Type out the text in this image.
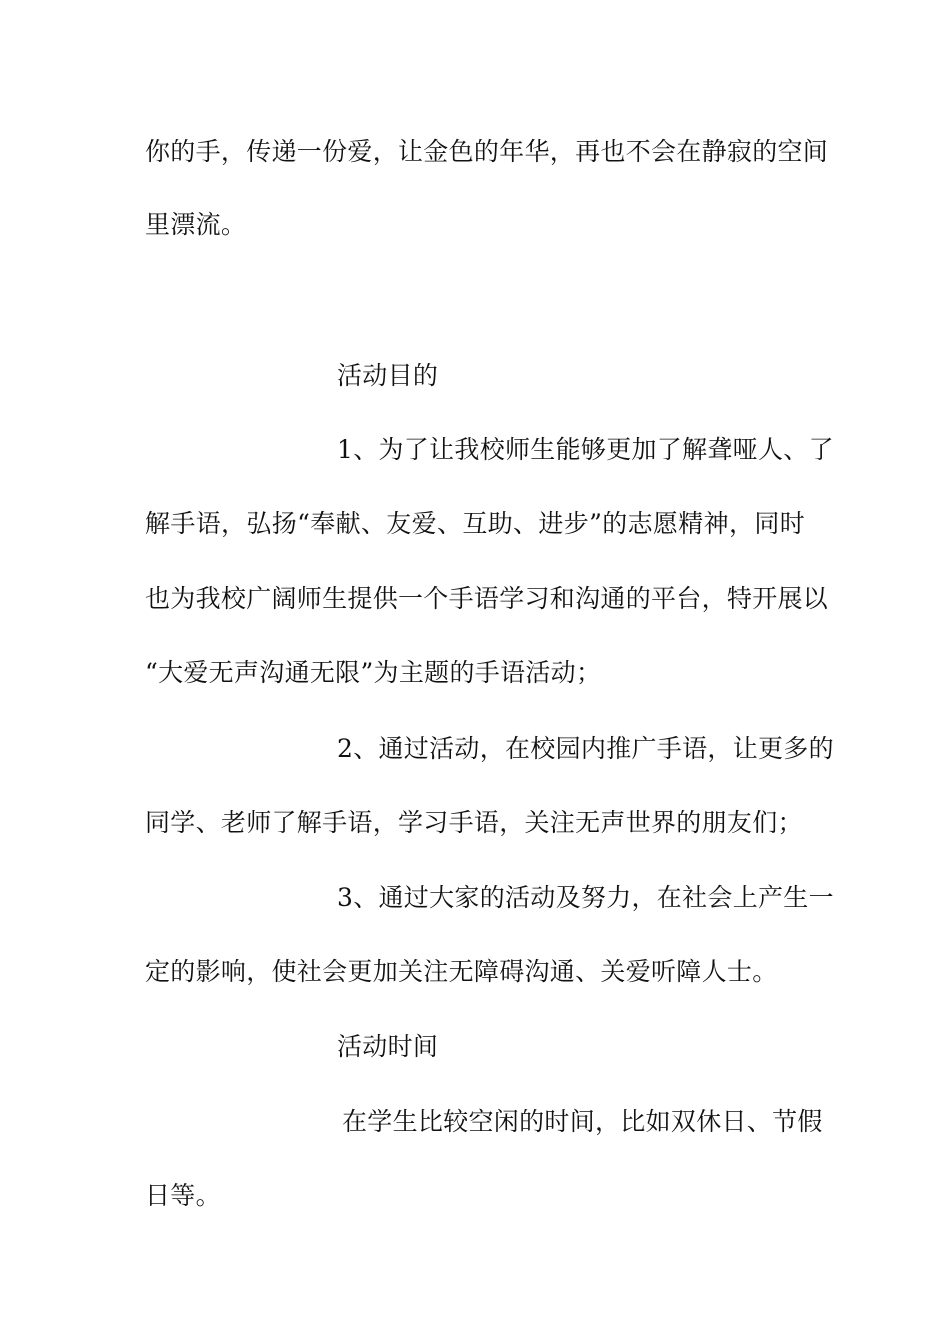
你的手，传递一份爱，让金色的年华，再也不会在静寂的空间
里漂流。
活动目的
1、为了让我校师生能够更加了解聋哑人、了
解手语，弘扬“奉献、友爱、互助、进步”的志愿精神，同时
也为我校广阔师生提供一个手语学习和沟通的平台，特开展以
“大爱无声沟通无限”为主题的手语活动；
2、通过活动，在校园内推广手语，让更多的
同学、老师了解手语，学习手语，关注无声世界的朋友们；
3、通过大家的活动及努力，在社会上产生一
定的影响，使社会更加关注无障碍沟通、关爱听障人士。
活动时间
在学生比较空闲的时间，比如双休日、节假
日等。
